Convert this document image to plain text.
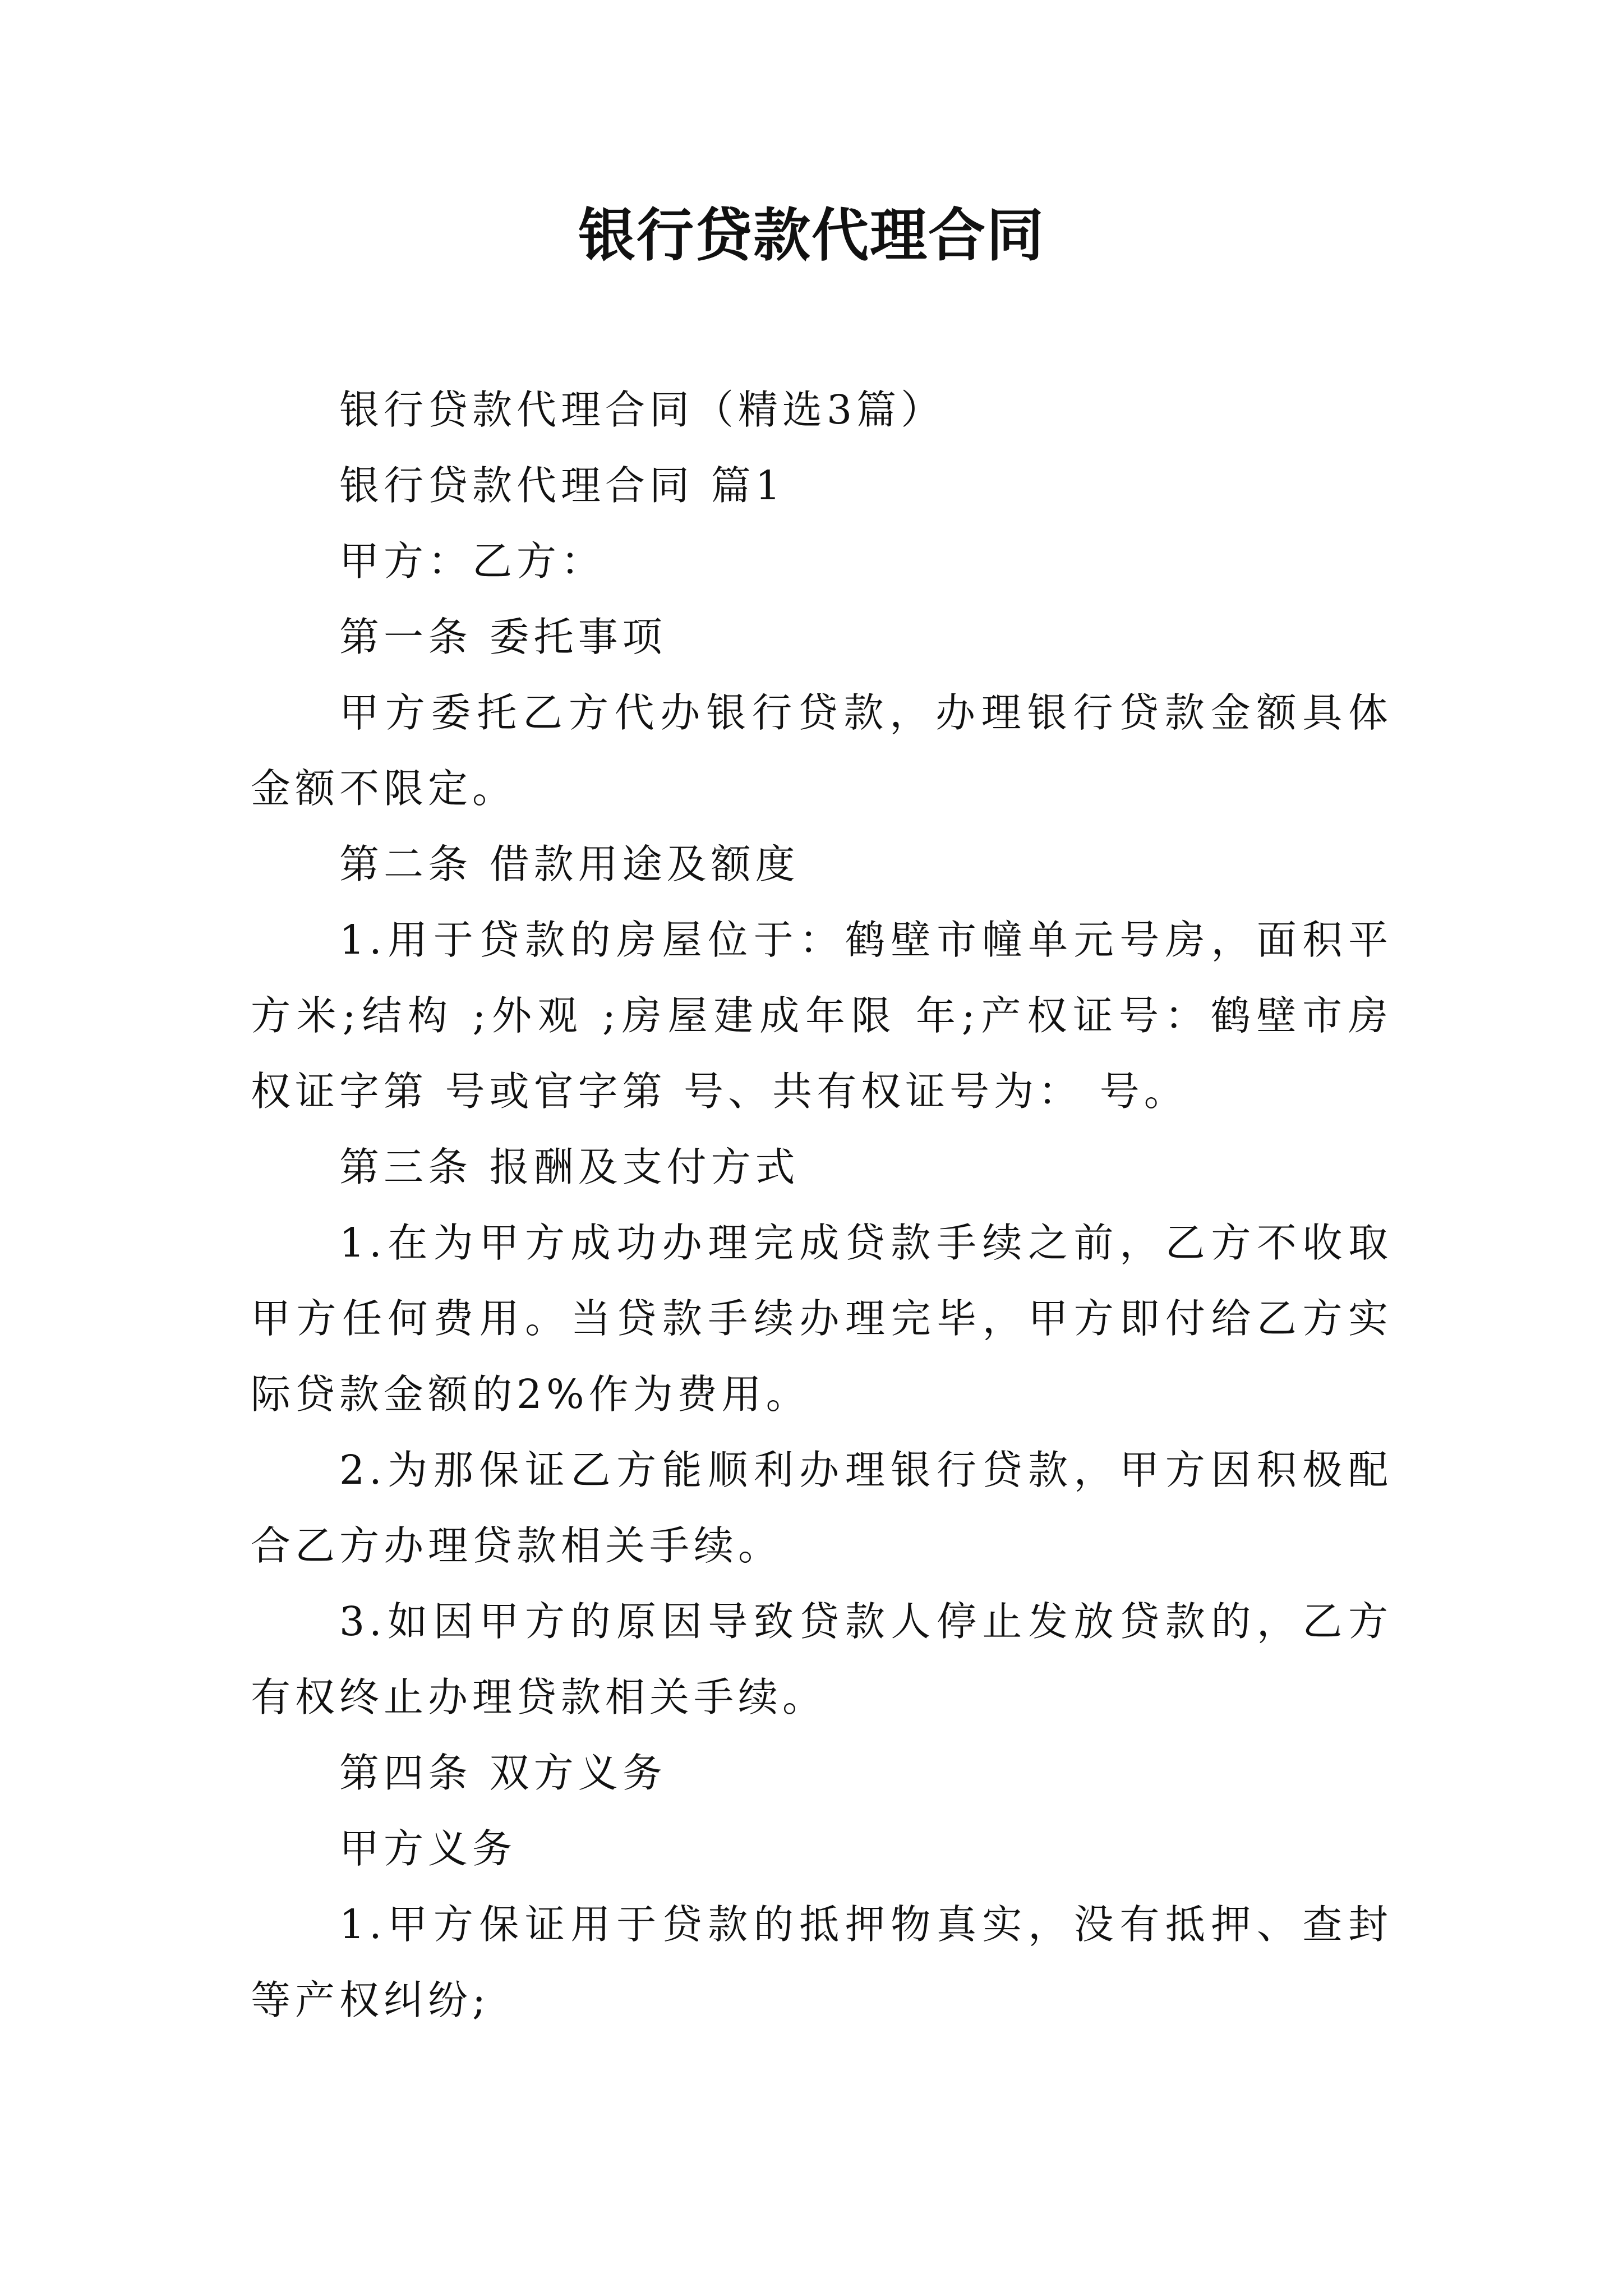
银行贷款代理合同

银行贷款代理合同（精选3篇）

银行贷款代理合同 篇1

甲方：乙方：

第一条 委托事项

甲方委托乙方代办银行贷款，办理银行贷款金额具体金额不限定。

第二条 借款用途及额度

1.用于贷款的房屋位于：鹤壁市幢单元号房，面积平方米;结构 ;外观 ;房屋建成年限 年;产权证号：鹤壁市房权证字第 号或官字第 号、共有权证号为： 号。

第三条 报酬及支付方式

1.在为甲方成功办理完成贷款手续之前，乙方不收取甲方任何费用。当贷款手续办理完毕，甲方即付给乙方实际贷款金额的2%作为费用。

2.为那保证乙方能顺利办理银行贷款，甲方因积极配合乙方办理贷款相关手续。

3.如因甲方的原因导致贷款人停止发放贷款的，乙方有权终止办理贷款相关手续。

第四条 双方义务

甲方义务

1.甲方保证用于贷款的抵押物真实，没有抵押、查封等产权纠纷;
